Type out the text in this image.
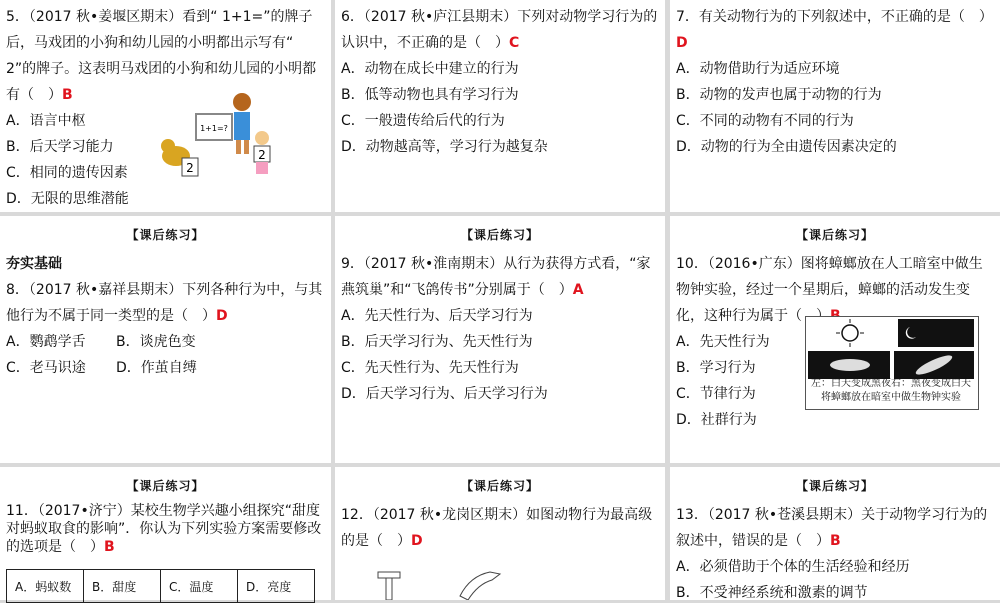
5．（2017 秋•姜堰区期末）看到“ 1+1=”的牌子后，马戏团的小狗和幼儿园的小明都出示写有“ 2”的牌子。这表明马戏团的小狗和幼儿园的小明都有（　）B

A．语言中枢

B．后天学习能力

C．相同的遗传因素

D．无限的思维潜能

1+1=?
2
2

6．（2017 秋•庐江县期末）下列对动物学习行为的认识中，不正确的是（　）C

A．动物在成长中建立的行为

B．低等动物也具有学习行为

C．一般遗传给后代的行为

D．动物越高等，学习行为越复杂

7．有关动物行为的下列叙述中，不正确的是（　）D

A．动物借助行为适应环境

B．动物的发声也属于动物的行为

C．不同的动物有不同的行为

D．动物的行为全由遗传因素决定的

【课后练习】
夯实基础

8．（2017 秋•嘉祥县期末）下列各种行为中，与其他行为不属于同一类型的是（　）D

A．鹦鹉学舌 B．谈虎色变

C．老马识途 D．作茧自缚

【课后练习】

9．（2017 秋•淮南期末）从行为获得方式看，“家燕筑巢”和“飞鸽传书”分别属于（　）A

A．先天性行为、后天学习行为

B．后天学习行为、先天性行为

C．先天性行为、先天性行为

D．后天学习行为、后天学习行为

【课后练习】

10．（2016•广东）图将蟑螂放在人工暗室中做生物钟实验，经过一个星期后，蟑螂的活动发生变化，这种行为属于（　）B

A．先天性行为

B．学习行为

C．节律行为

D．社群行为

左：白天变成黑夜右：黑夜变成白天
将蟑螂放在暗室中做生物钟实验
【课后练习】

11．（2017•济宁）某校生物学兴趣小组探究“甜度对蚂蚁取食的影响”．你认为下列实验方案需要修改的选项是（　）B

A．蚂蚁数	B．甜度	C．温度	D．亮度
【课后练习】

12．（2017 秋•龙岗区期末）如图动物行为最高级的是（　）D

【课后练习】

13．（2017 秋•苍溪县期末）关于动物学习行为的叙述中，错误的是（　）B

A．必须借助于个体的生活经验和经历

B．不受神经系统和激素的调节
